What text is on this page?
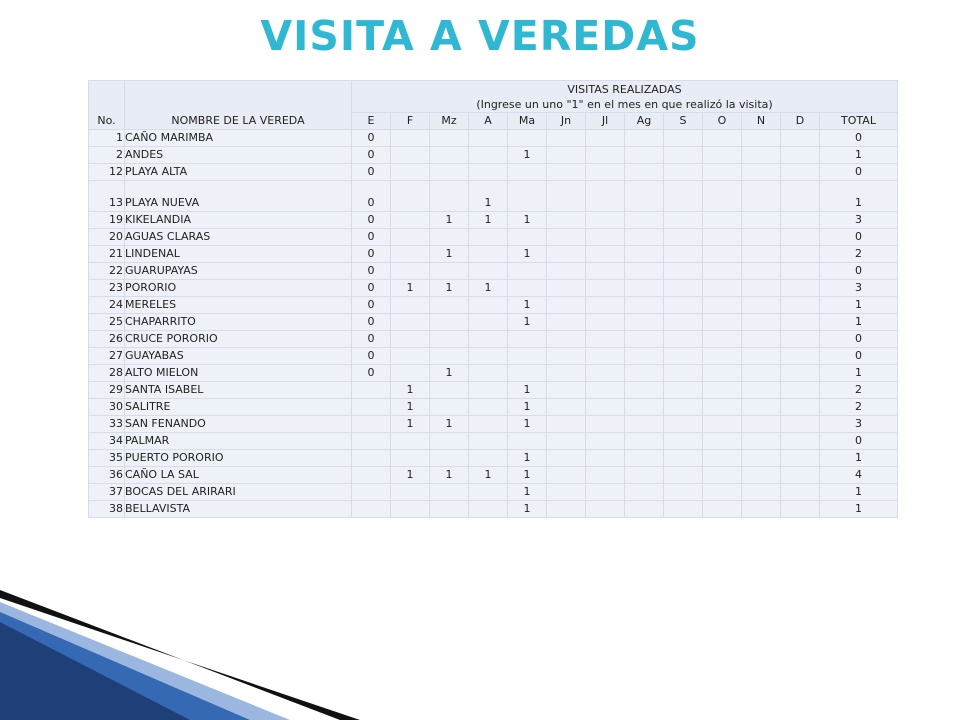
VISITA A VEREDAS
No.	NOMBRE DE LA VEREDA	VISITAS REALIZADAS
(Ingrese un uno "1" en el mes en que realizó la visita)												

		E	F	Mz	A	Ma	Jn	Jl	Ag	S	O	N	D	TOTAL
1	CAÑO MARIMBA	0												0
2	ANDES	0				1								1
12	PLAYA ALTA	0												0
13	PLAYA NUEVA	0			1									1
19	KIKELANDIA	0		1	1	1								3
20	AGUAS CLARAS	0												0
21	LINDENAL	0		1		1								2
22	GUARUPAYAS	0												0
23	PORORIO	0	1	1	1									3
24	MERELES	0				1								1
25	CHAPARRITO	0				1								1
26	CRUCE PORORIO	0												0
27	GUAYABAS	0												0
28	ALTO MIELON	0		1										1
29	SANTA ISABEL		1			1								2
30	SALITRE		1			1								2
33	SAN FENANDO		1	1		1								3
34	PALMAR													0
35	PUERTO PORORIO					1								1
36	CAÑO LA SAL		1	1	1	1								4
37	BOCAS DEL ARIRARI					1								1
38	BELLAVISTA					1								1
